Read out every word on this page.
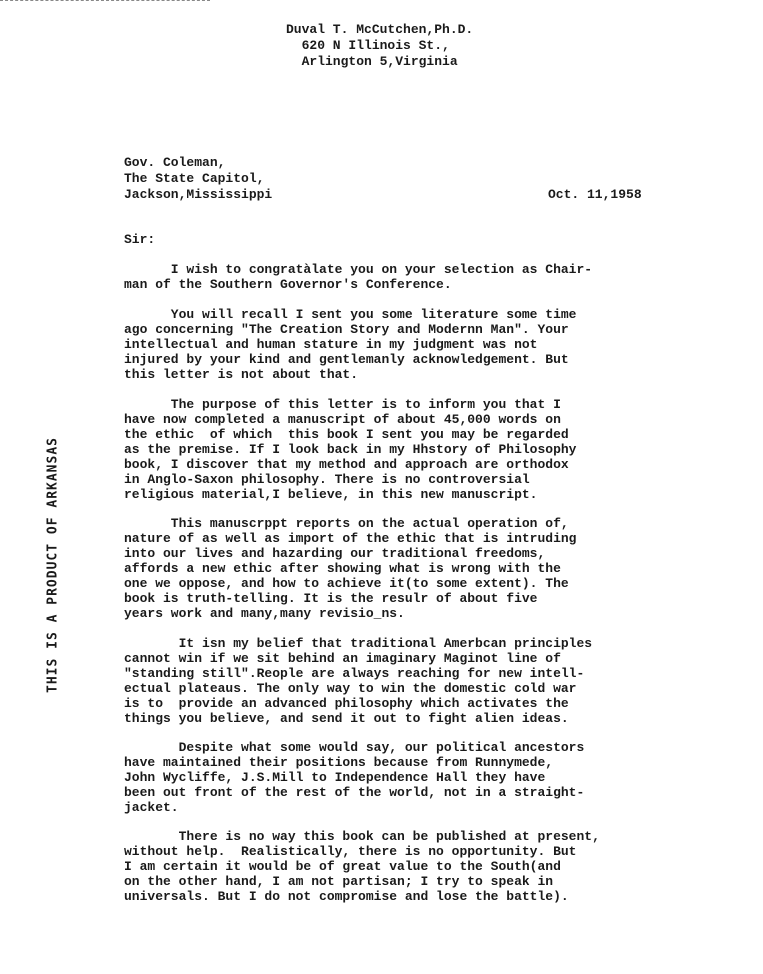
Duval T. McCutchen,Ph.D.
620 N Illinois St.,
Arlington 5,Virginia
Gov. Coleman,
The State Capitol,
Jackson,Mississippi	Oct. 11,1958
Sir:
I wish to congratàlate you on your selection as Chair-
man of the Southern Governor's Conference.
You will recall I sent you some literature some time
ago concerning "The Creation Story and Modernn Man". Your
intellectual and human stature in my judgment was not
injured by your kind and gentlemanly acknowledgement. But
this letter is not about that.
The purpose of this letter is to inform you that I
have now completed a manuscript of about 45,000 words on
the ethic  of which  this book I sent you may be regarded
as the premise. If I look back in my Hhstory of Philosophy
book, I discover that my method and approach are orthodox
in Anglo-Saxon philosophy. There is no controversial
religious material,I believe, in this new manuscript.
This manuscrppt reports on the actual operation of,
nature of as well as import of the ethic that is intruding
into our lives and hazarding our traditional freedoms,
affords a new ethic after showing what is wrong with the
one we oppose, and how to achieve it(to some extent). The
book is truth-telling. It is the resulr of about five
years work and many,many revisio_ns.
It isn my belief that traditional Amerbcan principles
cannot win if we sit behind an imaginary Maginot line of
"standing still".Reople are always reaching for new intell-
ectual plateaus. The only way to win the domestic cold war
is to  provide an advanced philosophy which activates the
things you believe, and send it out to fight alien ideas.
Despite what some would say, our political ancestors
have maintained their positions because from Runnymede,
John Wycliffe, J.S.Mill to Independence Hall they have
been out front of the rest of the world, not in a straight-
jacket.
There is no way this book can be published at present,
without help.  Realistically, there is no opportunity. But
I am certain it would be of great value to the South(and
on the other hand, I am not partisan; I try to speak in
universals. But I do not compromise and lose the battle).
THIS IS A PRODUCT OF ARKANSAS
